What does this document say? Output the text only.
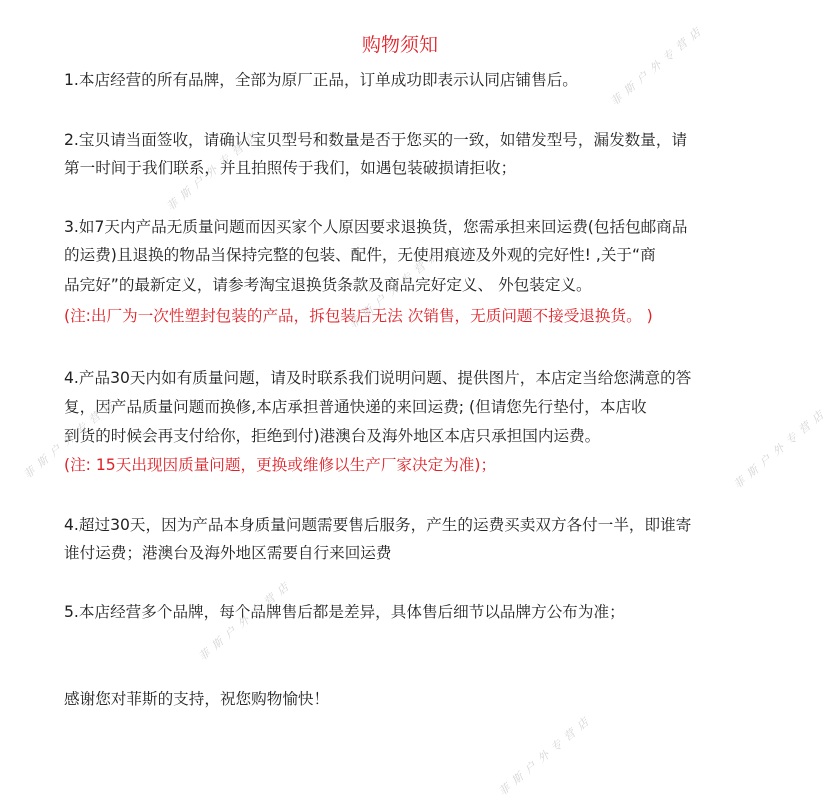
购物须知
1.本店经营的所有品牌，全部为原厂正品，订单成功即表示认同店铺售后。
2.宝贝请当面签收，请确认宝贝型号和数量是否于您买的一致，如错发型号，漏发数量，请
第一时间于我们联系，并且拍照传于我们，如遇包装破损请拒收；
3.如7天内产品无质量问题而因买家个人原因要求退换货，您需承担来回运费(包括包邮商品
的运费)且退换的物品当保持完整的包装、配件，无使用痕迹及外观的完好性! ,关于“商
品完好”的最新定义，请参考淘宝退换货条款及商品完好定义、 外包装定义。
(注:出厂为一次性塑封包装的产品，拆包装后无法 次销售，无质问题不接受退换货。 )
4.产品30天内如有质量问题，请及时联系我们说明问题、提供图片，本店定当给您满意的答
复，因产品质量问题而换修,本店承担普通快递的来回运费; (但请您先行垫付，本店收
到货的时候会再支付给你，拒绝到付)港澳台及海外地区本店只承担国内运费。
(注: 15天出现因质量问题，更换或维修以生产厂家决定为准)；
4.超过30天，因为产品本身质量问题需要售后服务，产生的运费买卖双方各付一半，即谁寄
谁付运费；港澳台及海外地区需要自行来回运费
5.本店经营多个品牌，每个品牌售后都是差异，具体售后细节以品牌方公布为准；
感谢您对菲斯的支持，祝您购物愉快！
菲斯户外专营店
菲斯户外专营店
菲斯户外专营店
菲斯户外专营店
菲斯户外专营店
菲斯户外专营店
菲斯户外专营店
